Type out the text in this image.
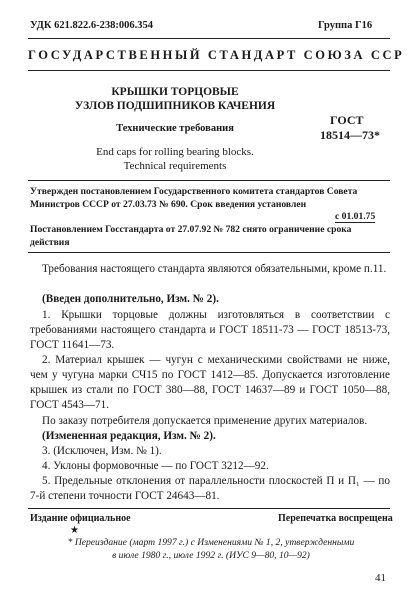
УДК 621.822.6-238:006.354	Группа Г16
ГОСУДАРСТВЕННЫЙ СТАНДАРТ СОЮЗА ССР
КРЫШКИ ТОРЦОВЫЕ
УЗЛОВ ПОДШИПНИКОВ КАЧЕНИЯ
Технические требования
ГОСТ
18514—73*
End caps for rolling bearing blocks.
Technical requirements
Утвержден постановлением Государственного комитета стандартов Совета
Министров СССР от 27.03.73 № 690. Срок введения установлен
с 01.01.75
Постановлением Госстандарта от 27.07.92 № 782 снято ограничение срока
действия
Требования настоящего стандарта являются обязательными, кроме п.11.
(Введен дополнительно, Изм. № 2).
1. Крышки торцовые должны изготовляться в соответствии с требованиями настоящего стандарта и ГОСТ 18511-73 — ГОСТ 18513-73, ГОСТ 11641—73.
2. Материал крышек — чугун с механическими свойствами не ниже, чем у чугуна марки СЧ15 по ГОСТ 1412—85. Допускается изготовление крышек из стали по ГОСТ 380—88, ГОСТ 14637—89 и ГОСТ 1050—88, ГОСТ 4543—71.
По заказу потребителя допускается применение других материалов.
(Измененная редакция, Изм. № 2).
3. (Исключен, Изм. № 1).
4. Уклоны формовочные — по ГОСТ 3212—92.
5. Предельные отклонения от параллельности плоскостей П и П₁ — по 7-й степени точности ГОСТ 24643—81.
Издание официальное	Перепечатка воспрещена
★
* Переиздание (март 1997 г.) с Изменениями № 1, 2, утвержденными
в июле 1980 г., июле 1992 г. (ИУС 9—80, 10—92)
41
